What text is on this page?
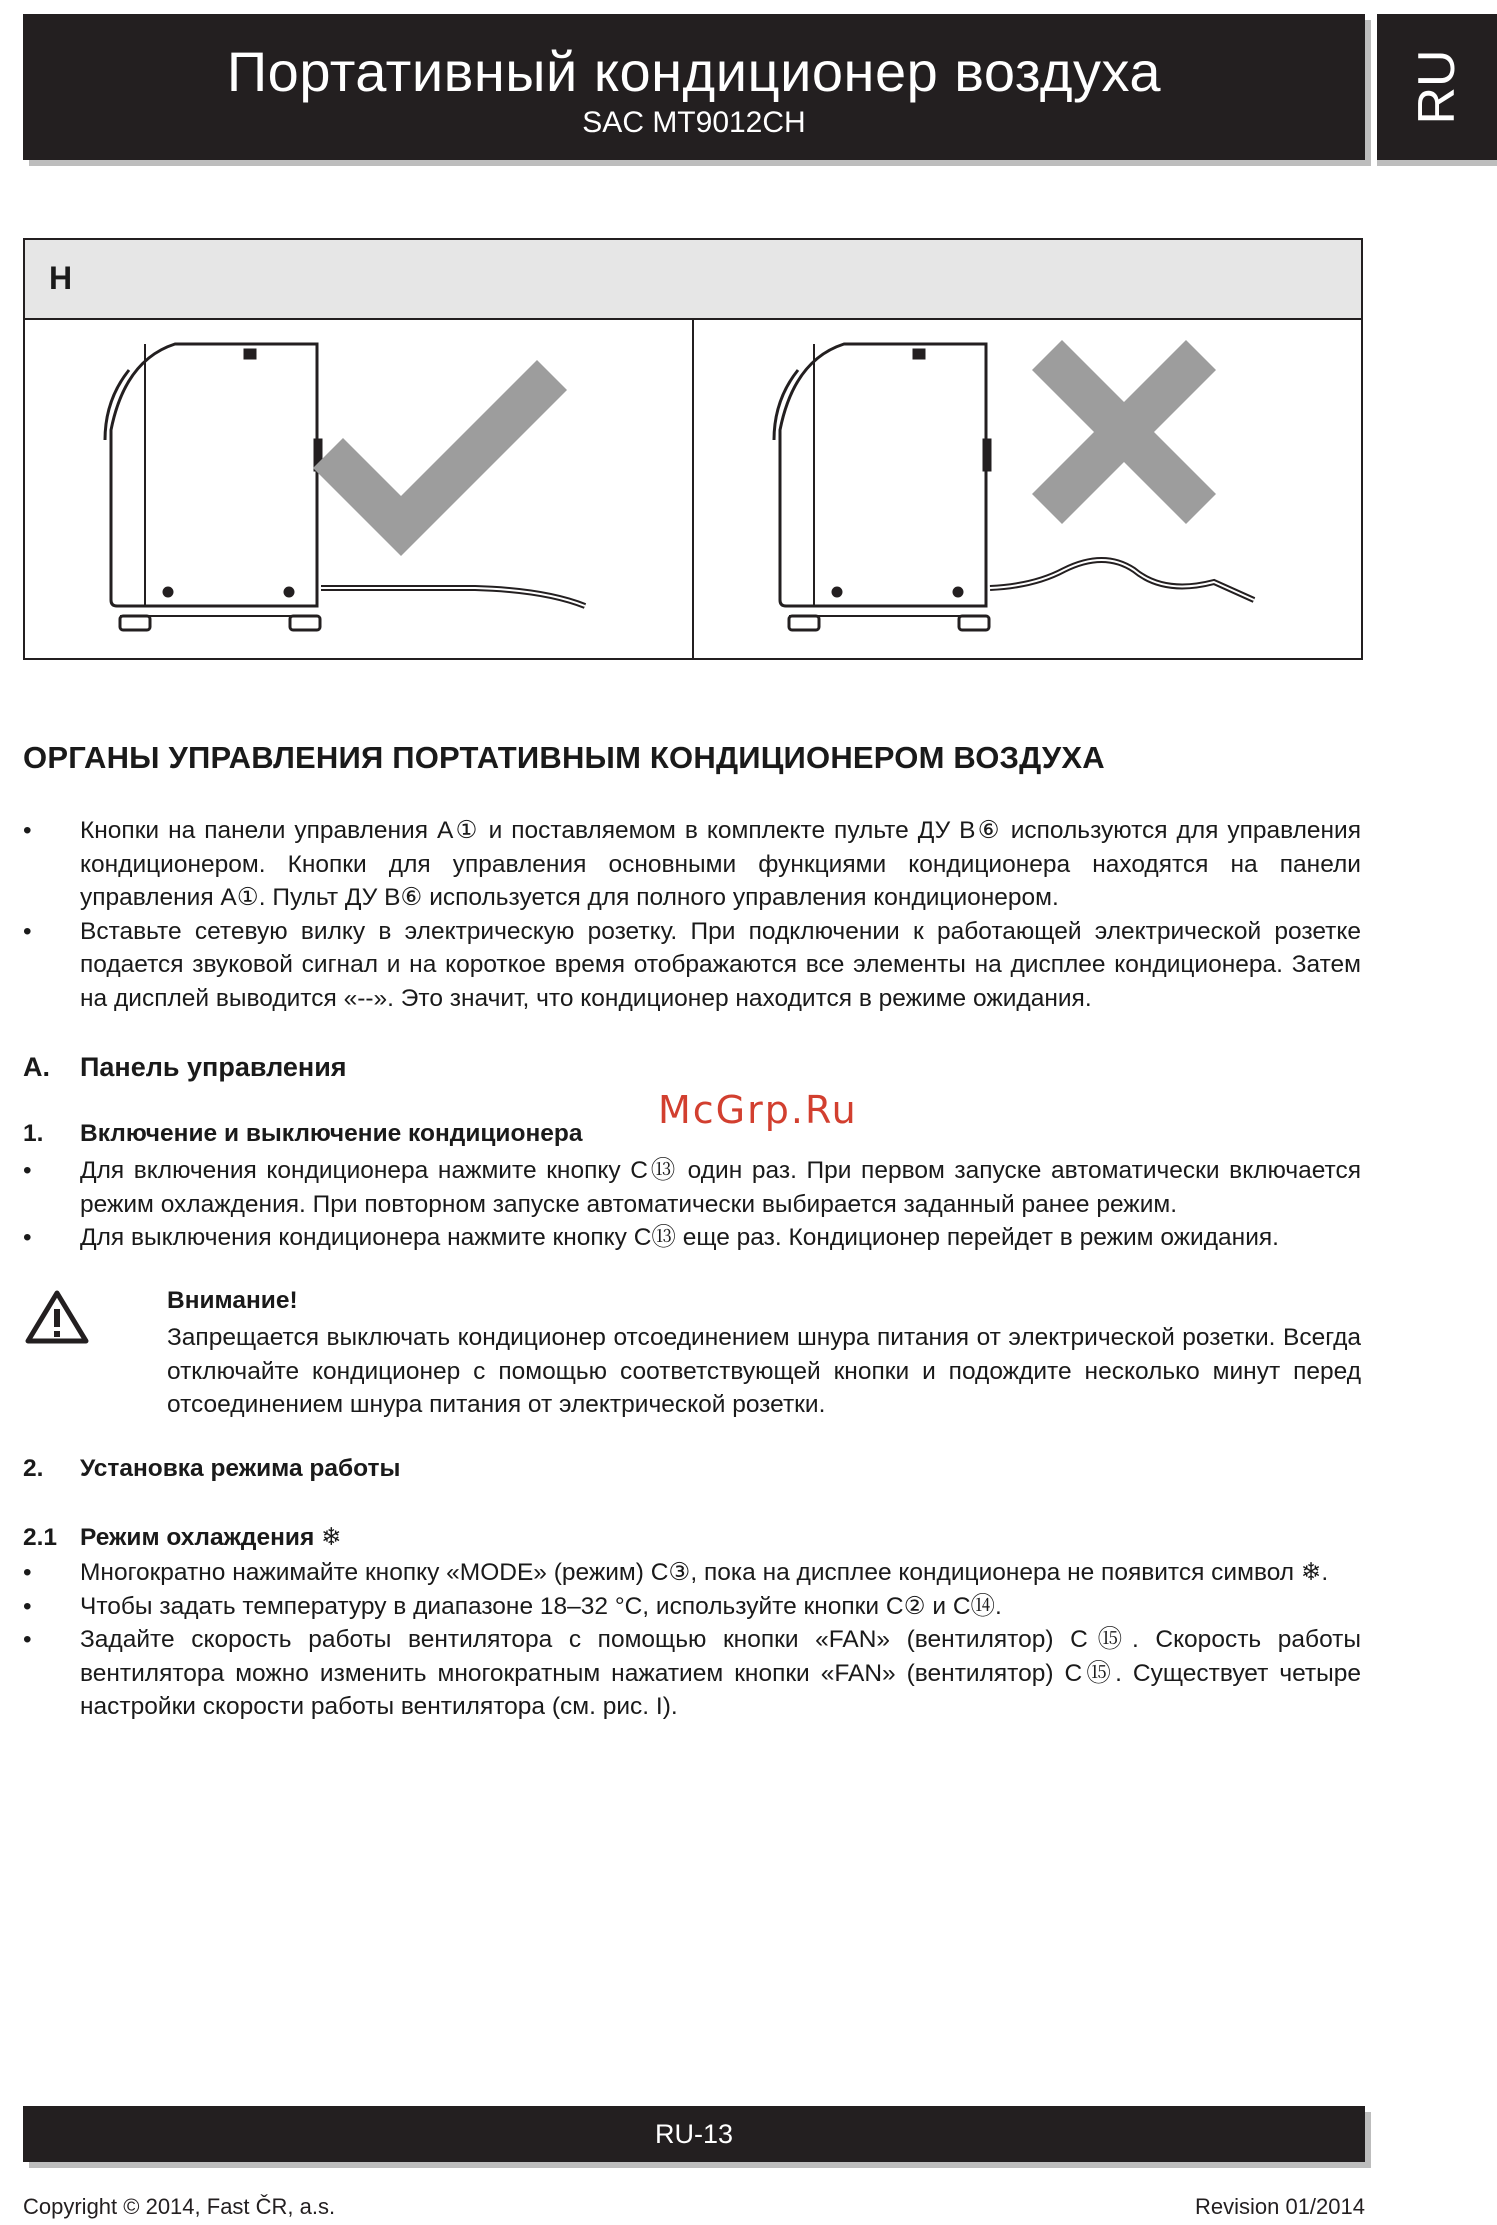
Портативный кондиционер воздуха
SAC MT9012CH	RU
H
ОРГАНЫ УПРАВЛЕНИЯ ПОРТАТИВНЫМ КОНДИЦИОНЕРОМ ВОЗДУХА
• Кнопки на панели управления A① и поставляемом в комплекте пульте ДУ B⑥ используются для управления кондиционером. Кнопки для управления основными функциями кондиционера находятся на панели управления A①. Пульт ДУ B⑥ используется для полного управления кондиционером.
• Вставьте сетевую вилку в электрическую розетку. При подключении к работающей электрической розетке подается звуковой сигнал и на короткое время отображаются все элементы на дисплее кондиционера. Затем на дисплей выводится «--». Это значит, что кондиционер находится в режиме ожидания.
A. Панель управления
McGrp.Ru
1. Включение и выключение кондиционера
• Для включения кондиционера нажмите кнопку C⑬ один раз. При первом запуске автоматически включается режим охлаждения. При повторном запуске автоматически выбирается заданный ранее режим.
• Для выключения кондиционера нажмите кнопку C⑬ еще раз. Кондиционер перейдет в режим ожидания.
Внимание!
Запрещается выключать кондиционер отсоединением шнура питания от электрической розетки. Всегда отключайте кондиционер с помощью соответствующей кнопки и подождите несколько минут перед отсоединением шнура питания от электрической розетки.
2. Установка режима работы
2.1 Режим охлаждения ❄
• Многократно нажимайте кнопку «MODE» (режим) C③, пока на дисплее кондиционера не появится символ ❄.
• Чтобы задать температуру в диапазоне 18–32 °C, используйте кнопки C② и C⑭.
• Задайте скорость работы вентилятора с помощью кнопки «FAN» (вентилятор) C⑮. Скорость работы вентилятора можно изменить многократным нажатием кнопки «FAN» (вентилятор) C⑮. Существует четыре настройки скорости работы вентилятора (см. рис. I).
RU-13
Copyright © 2014, Fast ČR, a.s.	Revision 01/2014
